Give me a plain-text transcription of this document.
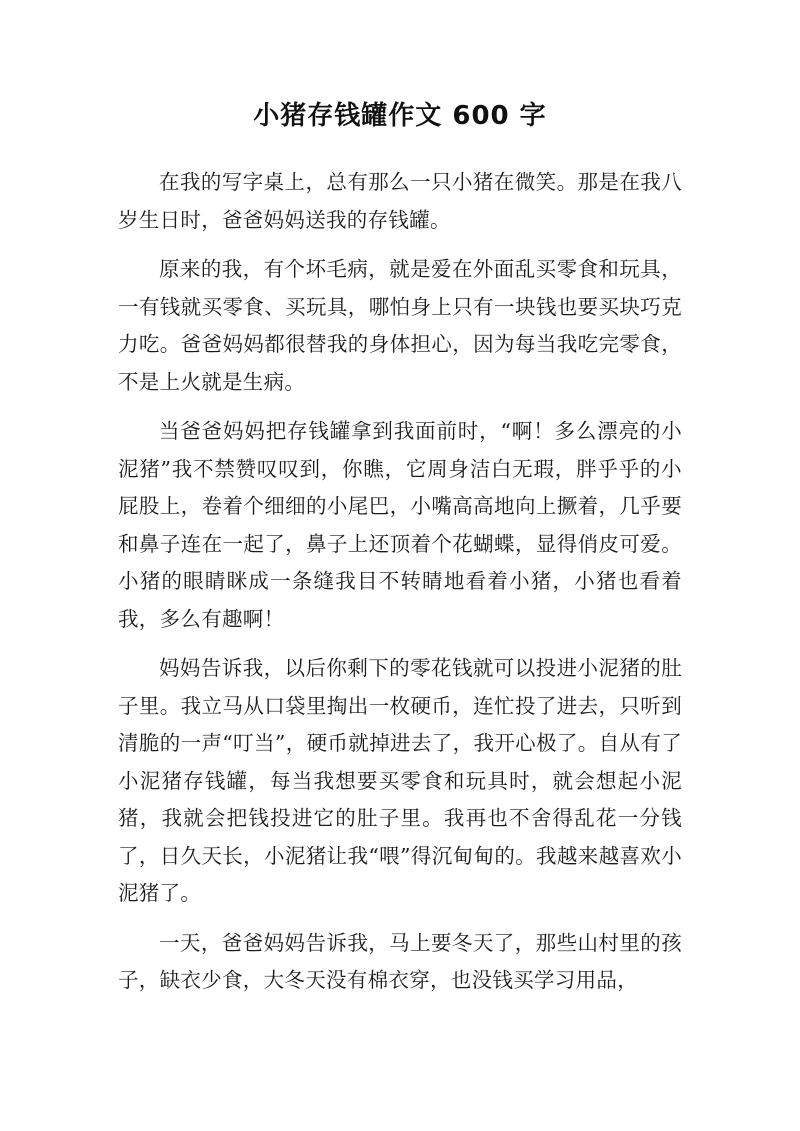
小猪存钱罐作文 600 字

在我的写字桌上，总有那么一只小猪在微笑。那是在我八岁生日时，爸爸妈妈送我的存钱罐。

原来的我，有个坏毛病，就是爱在外面乱买零食和玩具，一有钱就买零食、买玩具，哪怕身上只有一块钱也要买块巧克力吃。爸爸妈妈都很替我的身体担心，因为每当我吃完零食，不是上火就是生病。

当爸爸妈妈把存钱罐拿到我面前时，“啊！多么漂亮的小泥猪”我不禁赞叹叹到，你瞧，它周身洁白无瑕，胖乎乎的小屁股上，卷着个细细的小尾巴，小嘴高高地向上撅着，几乎要和鼻子连在一起了，鼻子上还顶着个花蝴蝶，显得俏皮可爱。小猪的眼睛眯成一条缝我目不转睛地看着小猪，小猪也看着我，多么有趣啊！

妈妈告诉我，以后你剩下的零花钱就可以投进小泥猪的肚子里。我立马从口袋里掏出一枚硬币，连忙投了进去，只听到清脆的一声“叮当”，硬币就掉进去了，我开心极了。自从有了小泥猪存钱罐，每当我想要买零食和玩具时，就会想起小泥猪，我就会把钱投进它的肚子里。我再也不舍得乱花一分钱了，日久天长，小泥猪让我“喂”得沉甸甸的。我越来越喜欢小泥猪了。

一天，爸爸妈妈告诉我，马上要冬天了，那些山村里的孩子，缺衣少食，大冬天没有棉衣穿，也没钱买学习用品，
